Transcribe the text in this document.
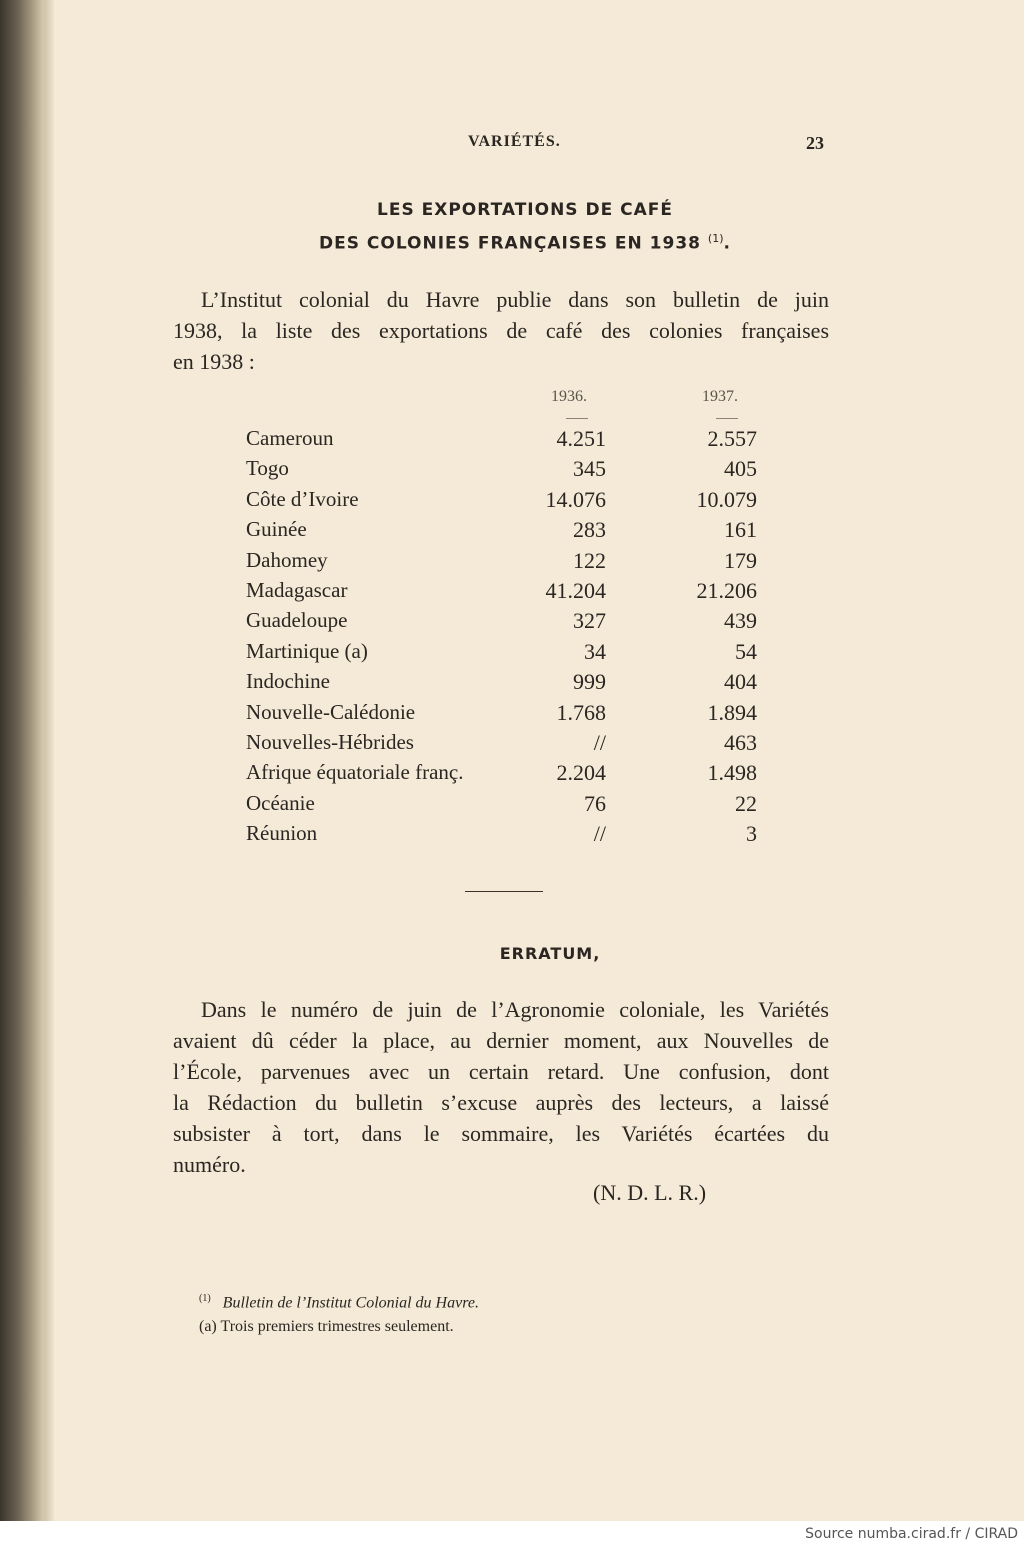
VARIÉTÉS.	23
LES EXPORTATIONS DE CAFÉ
DES COLONIES FRANÇAISES EN 1938 $^{(1)}$.
L’Institut colonial du Havre publie dans son bulletin de juin
1938, la liste des exportations de café des colonies françaises
en 1938 :
1936.	1937.
Cameroun .....	4.251	2.557
Togo .....	345	405
Côte d’Ivoire .....	14.076	10.079
Guinée .....	283	161
Dahomey .....	122	179
Madagascar .....	41.204	21.206
Guadeloupe .....	327	439
Martinique (a) .....	34	54
Indochine .....	999	404
Nouvelle-Calédonie .....	1.768	1.894
Nouvelles-Hébrides .....	//	463
Afrique équatoriale franç. .....	2.204	1.498
Océanie .....	76	22
Réunion .....	//	3
ERRATUM,
Dans le numéro de juin de l’Agronomie coloniale, les Variétés
avaient dû céder la place, au dernier moment, aux Nouvelles de
l’École, parvenues avec un certain retard. Une confusion, dont
la Rédaction du bulletin s’excuse auprès des lecteurs, a laissé
subsister à tort, dans le sommaire, les Variétés écartées du
numéro.
(N. D. L. R.)
$^{(1)}$ Bulletin de l’Institut Colonial du Havre.
(a) Trois premiers trimestres seulement.
Source numba.cirad.fr / CIRAD
